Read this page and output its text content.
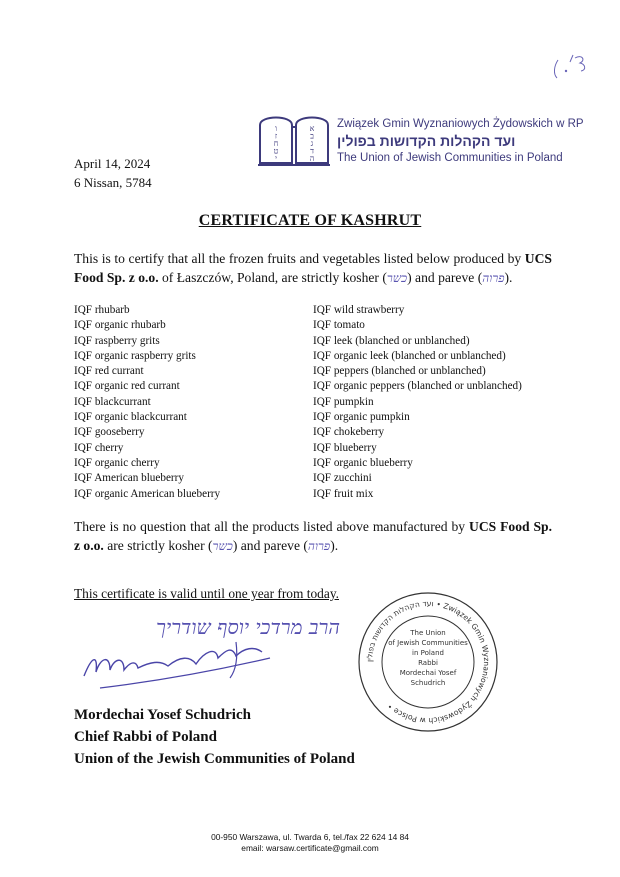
ו
ז
ח
ט
י
א
ב
ג
ד
ה
Związek Gmin Wyznaniowych Żydowskich w RP
ועד הקהלות הקדושות בפולין
The Union of Jewish Communities in Poland
April 14, 2024
6 Nissan, 5784
CERTIFICATE OF KASHRUT
This is to certify that all the frozen fruits and vegetables listed below produced by UCS Food Sp. z o.o. of Łaszczów, Poland, are strictly kosher (כשר) and pareve (פרוה).
IQF rhubarb
IQF organic rhubarb
IQF raspberry grits
IQF organic raspberry grits
IQF red currant
IQF organic red currant
IQF blackcurrant
IQF organic blackcurrant
IQF gooseberry
IQF cherry
IQF organic cherry
IQF American blueberry
IQF organic American blueberry
IQF wild strawberry
IQF tomato
IQF leek (blanched or unblanched)
IQF organic leek (blanched or unblanched)
IQF peppers (blanched or unblanched)
IQF organic peppers (blanched or unblanched)
IQF pumpkin
IQF organic pumpkin
IQF chokeberry
IQF blueberry
IQF organic blueberry
IQF zucchini
IQF fruit mix
There is no question that all the products listed above manufactured by UCS Food Sp. z o.o. are strictly kosher (כשר) and pareve (פרוה).
This certificate is valid until one year from today.
הרב מרדכי יוסף שודריך
ועד הקהלות הקדושות בפולין • Związek Gmin Wyznaniowych Żydowskich w Polsce •
The Union
of Jewish Communities
in Poland
Rabbi
Mordechai Yosef
Schudrich
Mordechai Yosef Schudrich
Chief Rabbi of Poland
Union of the Jewish Communities of Poland
00-950 Warszawa, ul. Twarda 6, tel./fax 22 624 14 84
email: warsaw.certificate@gmail.com
